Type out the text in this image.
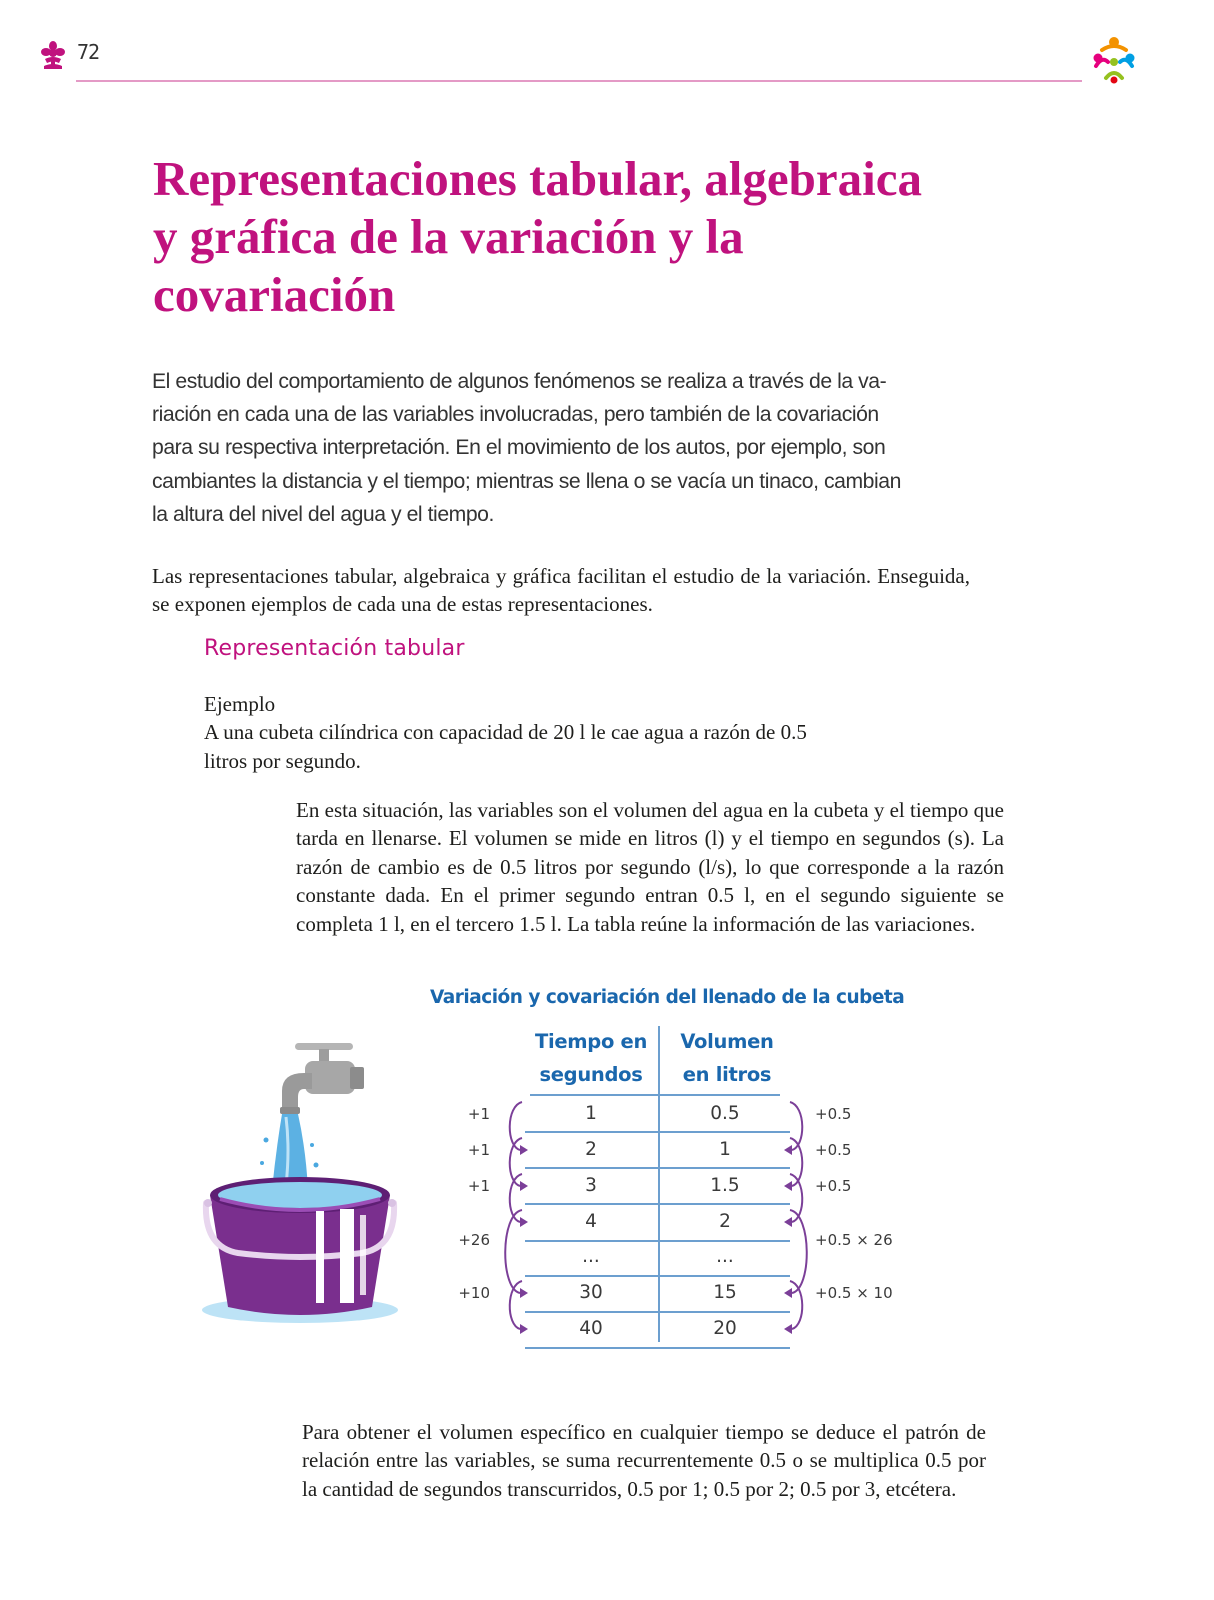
72
Representaciones tabular, algebraica
y gráfica de la variación y la
covariación

El estudio del comportamiento de algunos fenómenos se realiza a través de la va-
riación en cada una de las variables involucradas, pero también de la covariación
para su respectiva interpretación. En el movimiento de los autos, por ejemplo, son
cambiantes la distancia y el tiempo; mientras se llena o se vacía un tinaco, cambian
la altura del nivel del agua y el tiempo.

Las representaciones tabular, algebraica y gráfica facilitan el estudio de la variación. Enseguida, se exponen ejemplos de cada una de estas representaciones.

Representación tabular

Ejemplo

A una cubeta cilíndrica con capacidad de 20 l le cae agua a razón de 0.5
litros por segundo.

En esta situación, las variables son el volumen del agua en la cubeta y el tiempo que tarda en llenarse. El volumen se mide en litros (l) y el tiempo en segundos (s). La razón de cambio es de 0.5 litros por segundo (l/s), lo que corresponde a la razón constante dada. En el primer segundo entran 0.5 l, en el segundo siguiente se completa 1 l, en el tercero 1.5 l. La tabla reúne la información de las variaciones.

Variación y covariación del llenado de la cubeta

Tiempo en
segundos
Volumen
en litros
1	0.5
2	1
3	1.5
4	2
...	...
30	15
40	20
+1	+0.5
+1	+0.5
+1	+0.5
+26	+0.5 × 26
+10	+0.5 × 10

Para obtener el volumen específico en cualquier tiempo se deduce el patrón de relación entre las variables, se suma recurrentemente 0.5 o se multiplica 0.5 por la cantidad de segundos transcurridos, 0.5 por 1; 0.5 por 2; 0.5 por 3, etcétera.
